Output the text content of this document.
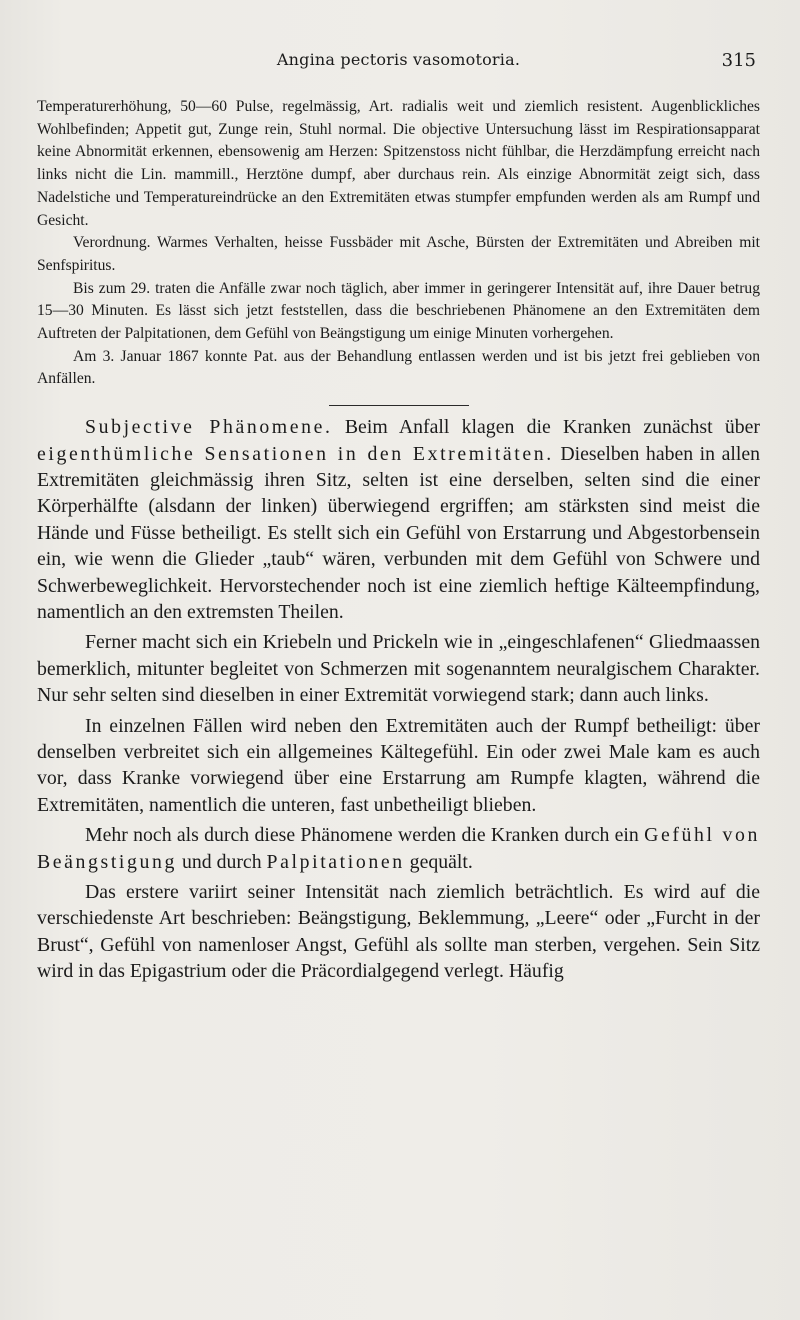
Angina pectoris vasomotoria.	315

Temperaturerhöhung, 50—60 Pulse, regelmässig, Art. radialis weit und ziemlich resistent. Augenblickliches Wohlbefinden; Appetit gut, Zunge rein, Stuhl normal. Die objective Untersuchung lässt im Respirationsapparat keine Abnormität erkennen, ebensowenig am Herzen: Spitzenstoss nicht fühlbar, die Herzdämpfung erreicht nach links nicht die Lin. mammill., Herztöne dumpf, aber durchaus rein. Als einzige Abnormität zeigt sich, dass Nadelstiche und Temperatureindrücke an den Extremitäten etwas stumpfer empfunden werden als am Rumpf und Gesicht.

Verordnung. Warmes Verhalten, heisse Fussbäder mit Asche, Bürsten der Extremitäten und Abreiben mit Senfspiritus.

Bis zum 29. traten die Anfälle zwar noch täglich, aber immer in geringerer Intensität auf, ihre Dauer betrug 15—30 Minuten. Es lässt sich jetzt feststellen, dass die beschriebenen Phänomene an den Extremitäten dem Auftreten der Palpitationen, dem Gefühl von Beängstigung um einige Minuten vorhergehen.

Am 3. Januar 1867 konnte Pat. aus der Behandlung entlassen werden und ist bis jetzt frei geblieben von Anfällen.

Subjective Phänomene. Beim Anfall klagen die Kranken zunächst über eigenthümliche Sensationen in den Extremitäten. Dieselben haben in allen Extremitäten gleichmässig ihren Sitz, selten ist eine derselben, selten sind die einer Körperhälfte (alsdann der linken) überwiegend ergriffen; am stärksten sind meist die Hände und Füsse betheiligt. Es stellt sich ein Gefühl von Erstarrung und Abgestorbensein ein, wie wenn die Glieder „taub“ wären, verbunden mit dem Gefühl von Schwere und Schwerbeweglichkeit. Hervorstechender noch ist eine ziemlich heftige Kälteempfindung, namentlich an den extremsten Theilen.

Ferner macht sich ein Kriebeln und Prickeln wie in „eingeschlafenen“ Gliedmaassen bemerklich, mitunter begleitet von Schmerzen mit sogenanntem neuralgischem Charakter. Nur sehr selten sind dieselben in einer Extremität vorwiegend stark; dann auch links.

In einzelnen Fällen wird neben den Extremitäten auch der Rumpf betheiligt: über denselben verbreitet sich ein allgemeines Kältegefühl. Ein oder zwei Male kam es auch vor, dass Kranke vorwiegend über eine Erstarrung am Rumpfe klagten, während die Extremitäten, namentlich die unteren, fast unbetheiligt blieben.

Mehr noch als durch diese Phänomene werden die Kranken durch ein Gefühl von Beängstigung und durch Palpitationen gequält.

Das erstere variirt seiner Intensität nach ziemlich beträchtlich. Es wird auf die verschiedenste Art beschrieben: Beängstigung, Beklemmung, „Leere“ oder „Furcht in der Brust“, Gefühl von namenloser Angst, Gefühl als sollte man sterben, vergehen. Sein Sitz wird in das Epigastrium oder die Präcordialgegend verlegt. Häufig
